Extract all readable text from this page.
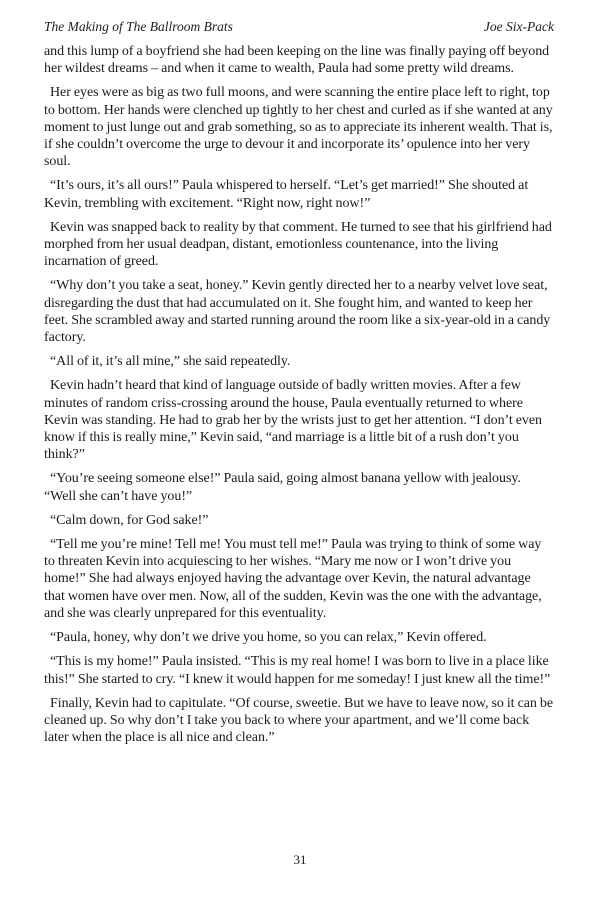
The Making of The Ballroom Brats	Joe Six-Pack

and this lump of a boyfriend she had been keeping on the line was finally paying off beyond her wildest dreams – and when it came to wealth, Paula had some pretty wild dreams.

Her eyes were as big as two full moons, and were scanning the entire place left to right, top to bottom. Her hands were clenched up tightly to her chest and curled as if she wanted at any moment to just lunge out and grab something, so as to appreciate its inherent wealth. That is, if she couldn’t overcome the urge to devour it and incorporate its’ opulence into her very soul.

“It’s ours, it’s all ours!” Paula whispered to herself. “Let’s get married!” She shouted at Kevin, trembling with excitement. “Right now, right now!”

Kevin was snapped back to reality by that comment. He turned to see that his girlfriend had morphed from her usual deadpan, distant, emotionless countenance, into the living incarnation of greed.

“Why don’t you take a seat, honey.” Kevin gently directed her to a nearby velvet love seat, disregarding the dust that had accumulated on it. She fought him, and wanted to keep her feet. She scrambled away and started running around the room like a six-year-old in a candy factory.

“All of it, it’s all mine,” she said repeatedly.

Kevin hadn’t heard that kind of language outside of badly written movies. After a few minutes of random criss-crossing around the house, Paula eventually returned to where Kevin was standing. He had to grab her by the wrists just to get her attention. “I don’t even know if this is really mine,” Kevin said, “and marriage is a little bit of a rush don’t you think?”

“You’re seeing someone else!” Paula said, going almost banana yellow with jealousy. “Well she can’t have you!”

“Calm down, for God sake!”

“Tell me you’re mine! Tell me! You must tell me!” Paula was trying to think of some way to threaten Kevin into acquiescing to her wishes. “Mary me now or I won’t drive you home!” She had always enjoyed having the advantage over Kevin, the natural advantage that women have over men. Now, all of the sudden, Kevin was the one with the advantage, and she was clearly unprepared for this eventuality.

“Paula, honey, why don’t we drive you home, so you can relax,” Kevin offered.

“This is my home!” Paula insisted. “This is my real home! I was born to live in a place like this!” She started to cry. “I knew it would happen for me someday! I just knew all the time!”

Finally, Kevin had to capitulate. “Of course, sweetie. But we have to leave now, so it can be cleaned up. So why don’t I take you back to where your apartment, and we’ll come back later when the place is all nice and clean.”

31
